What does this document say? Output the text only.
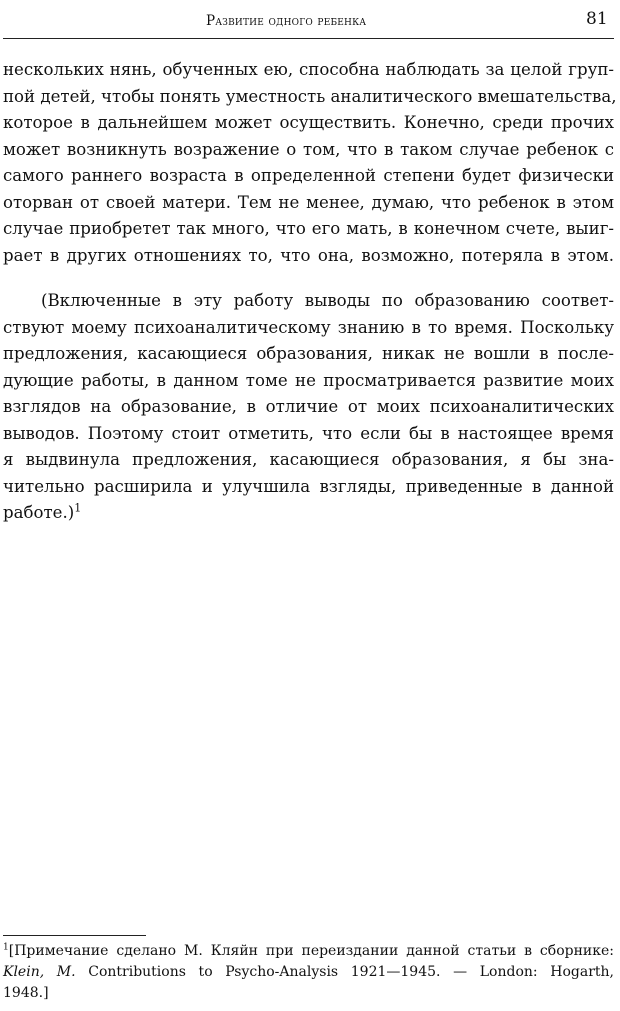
Развитие одного ребенка	81
нескольких нянь, обученных ею, способна наблюдать за целой груп-
пой детей, чтобы понять уместность аналитического вмешательства,
которое в дальнейшем может осуществить. Конечно, среди прочих
может возникнуть возражение о том, что в таком случае ребенок с
самого раннего возраста в определенной степени будет физически
оторван от своей матери. Тем не менее, думаю, что ребенок в этом
случае приобретет так много, что его мать, в конечном счете, выиг-
рает в других отношениях то, что она, возможно, потеряла в этом.
(Включенные в эту работу выводы по образованию соответ-
ствуют моему психоаналитическому знанию в то время. Поскольку
предложения, касающиеся образования, никак не вошли в после-
дующие работы, в данном томе не просматривается развитие моих
взглядов на образование, в отличие от моих психоаналитических
выводов. Поэтому стоит отметить, что если бы в настоящее время
я выдвинула предложения, касающиеся образования, я бы зна-
чительно расширила и улучшила взгляды, приведенные в данной
работе.)$^1$
$^1$[Примечание сделано М. Кляйн при переиздании данной статьи в сборнике:
Klein, M. Contributions to Psycho-Analysis 1921—1945. — London: Hogarth,
1948.]
